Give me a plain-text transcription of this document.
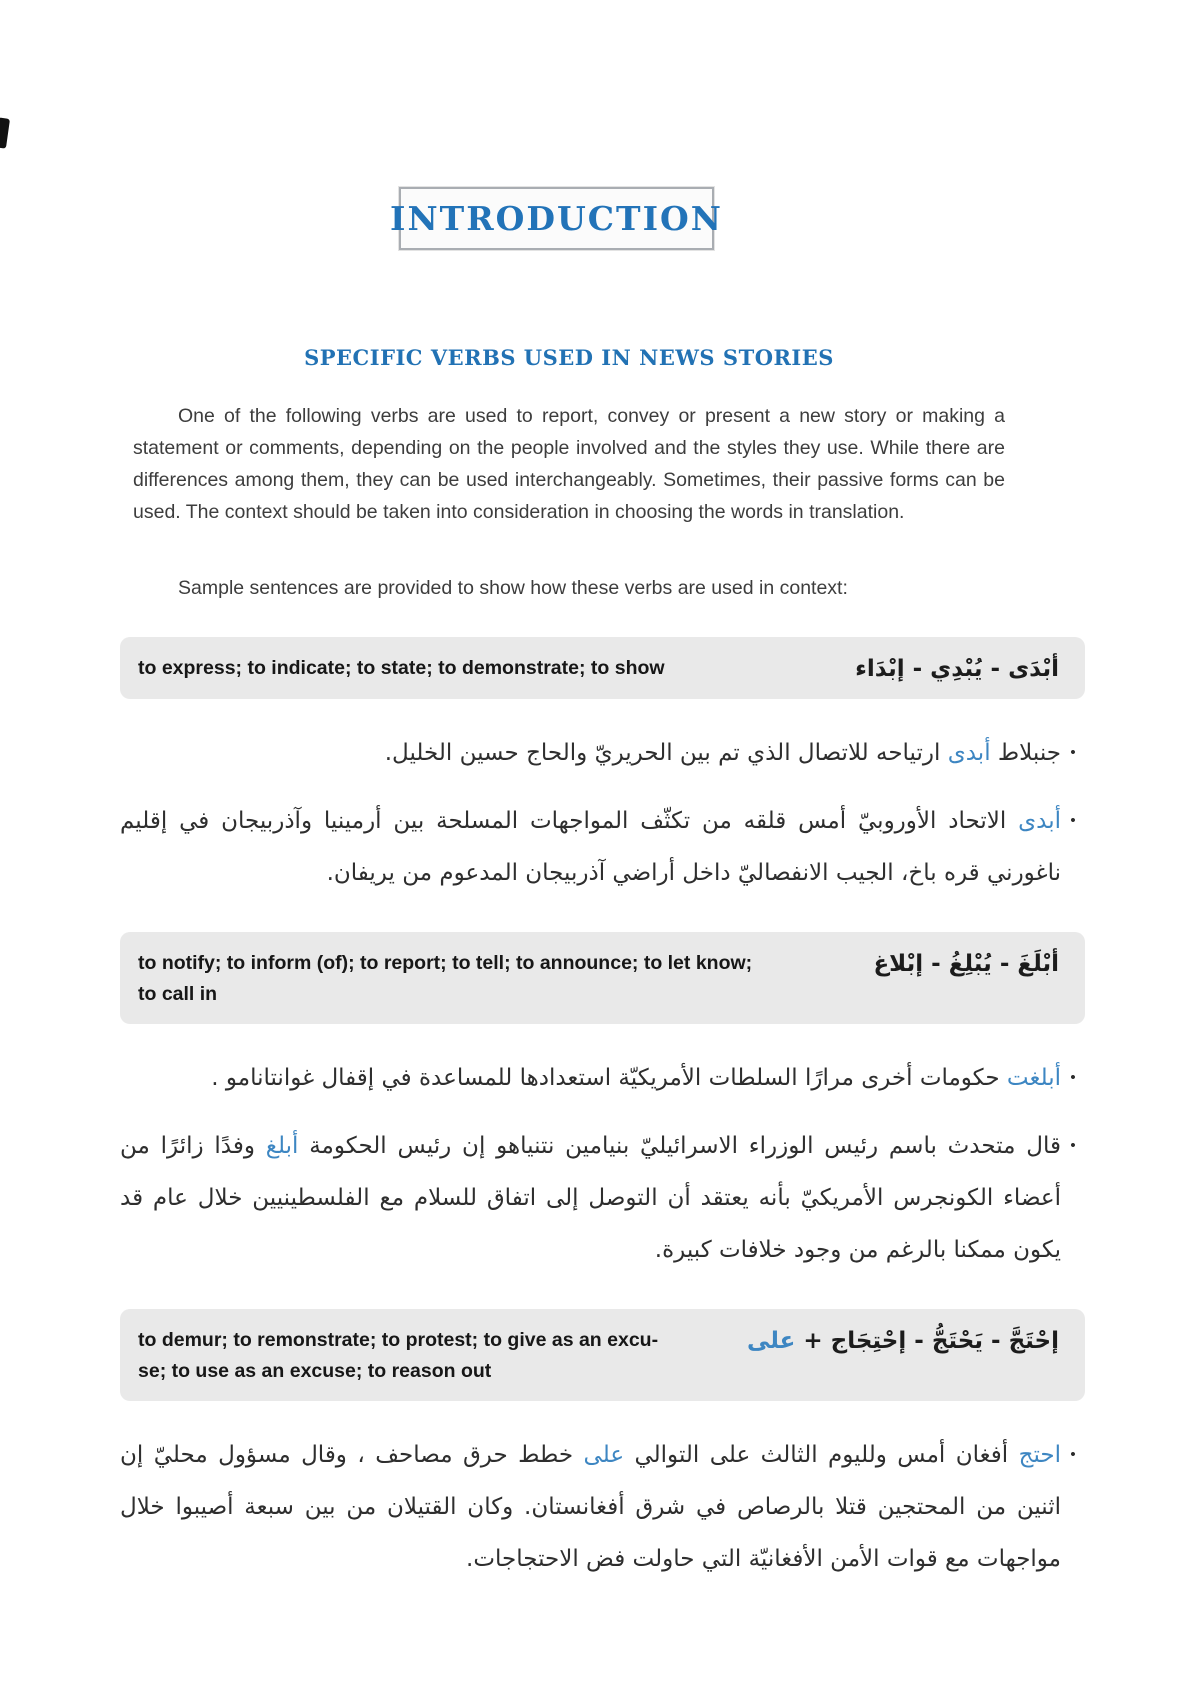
INTRODUCTION
SPECIFIC VERBS USED IN NEWS STORIES

One of the following verbs are used to report, convey or present a new story or making a statement or comments, depending on the people involved and the styles they use. While there are differences among them, they can be used interchangeably. Sometimes, their passive forms can be used. The context should be taken into consideration in choosing the words in translation.

Sample sentences are provided to show how these verbs are used in context:

to express; to indicate; to state; to demonstrate; to show	أبْدَى - يُبْدِي - إبْدَاء
•
جنبلاط أبدى ارتياحه للاتصال الذي تم بين الحريريّ والحاج حسين الخليل.
•
أبدى الاتحاد الأوروبيّ أمس قلقه من تكثّف المواجهات المسلحة بين أرمينيا وآذربيجان في إقليم ناغورني قره باخ، الجيب الانفصاليّ داخل أراضي آذربيجان المدعوم من يريفان.
to notify; to inform (of); to report; to tell; to announce; to let know;
to call in
أبْلَغَ - يُبْلِغُ - إبْلاغ
•
أبلغت حكومات أخرى مرارًا السلطات الأمريكيّة استعدادها للمساعدة في إقفال غوانتانامو .
•
قال متحدث باسم رئيس الوزراء الاسرائيليّ بنيامين نتنياهو إن رئيس الحكومة أبلغ وفدًا زائرًا من أعضاء الكونجرس الأمريكيّ بأنه يعتقد أن التوصل إلى اتفاق للسلام مع الفلسطينيين خلال عام قد يكون ممكنا بالرغم من وجود خلافات كبيرة.
to demur; to remonstrate; to protest; to give as an excu-
se; to use as an excuse; to reason out
إحْتَجَّ - يَحْتَجُّ - إحْتِجَاج + على
•
احتج أفغان أمس ولليوم الثالث على التوالي على خطط حرق مصاحف ، وقال مسؤول محليّ إن اثنين من المحتجين قتلا بالرصاص في شرق أفغانستان. وكان القتيلان من بين سبعة أصيبوا خلال مواجهات مع قوات الأمن الأفغانيّة التي حاولت فض الاحتجاجات.
